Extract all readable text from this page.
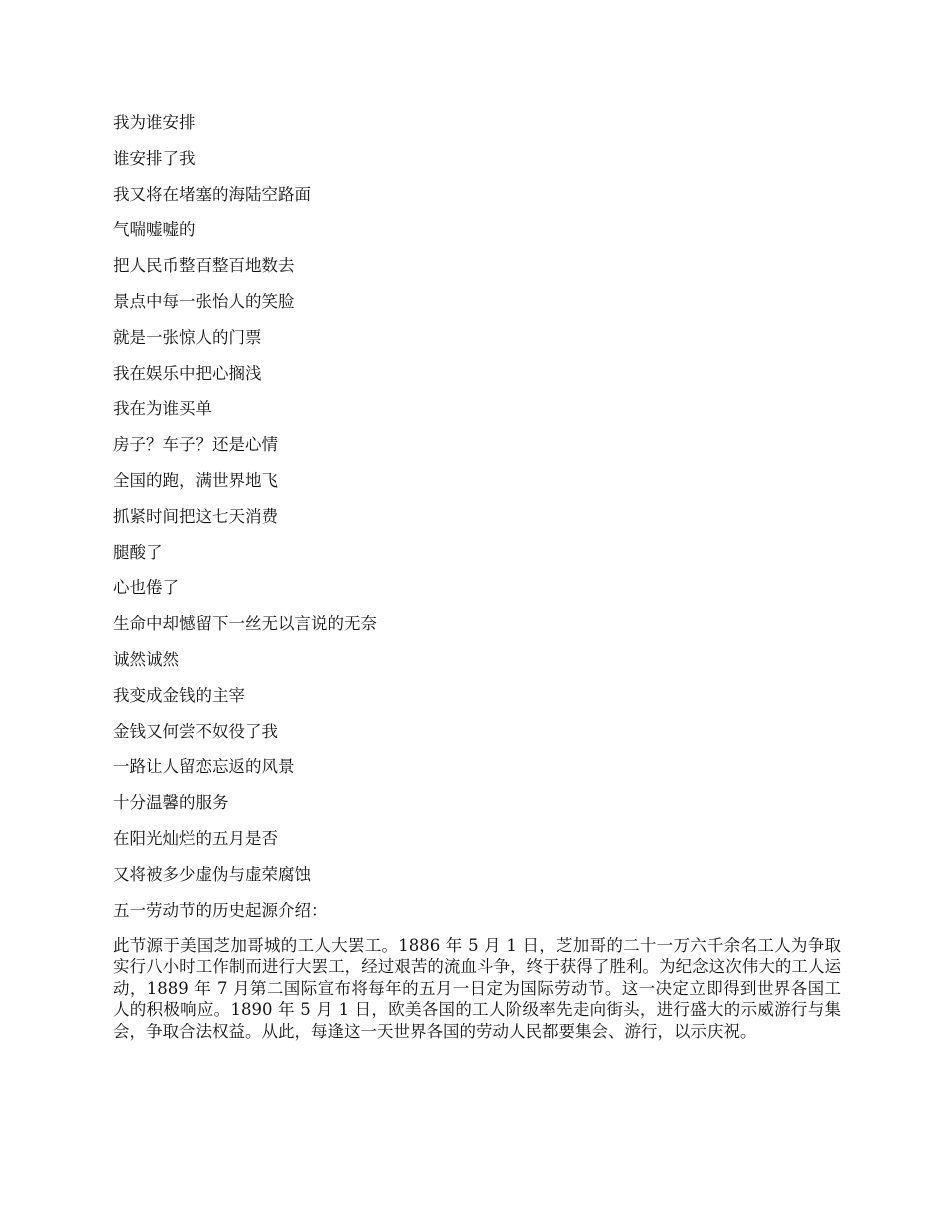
我为谁安排
谁安排了我
我又将在堵塞的海陆空路面
气喘嘘嘘的
把人民币整百整百地数去
景点中每一张怡人的笑脸
就是一张惊人的门票
我在娱乐中把心搁浅
我在为谁买单
房子？车子？还是心情
全国的跑，满世界地飞
抓紧时间把这七天消费
腿酸了
心也倦了
生命中却憾留下一丝无以言说的无奈
诚然诚然
我变成金钱的主宰
金钱又何尝不奴役了我
一路让人留恋忘返的风景
十分温馨的服务
在阳光灿烂的五月是否
又将被多少虚伪与虚荣腐蚀

五一劳动节的历史起源介绍：

此节源于美国芝加哥城的工人大罢工。1886 年 5 月 1 日，芝加哥的二十一万六千余名工人为争取实行八小时工作制而进行大罢工，经过艰苦的流血斗争，终于获得了胜利。为纪念这次伟大的工人运动，1889 年 7 月第二国际宣布将每年的五月一日定为国际劳动节。这一决定立即得到世界各国工人的积极响应。1890 年 5 月 1 日，欧美各国的工人阶级率先走向街头，进行盛大的示威游行与集会，争取合法权益。从此，每逢这一天世界各国的劳动人民都要集会、游行，以示庆祝。
